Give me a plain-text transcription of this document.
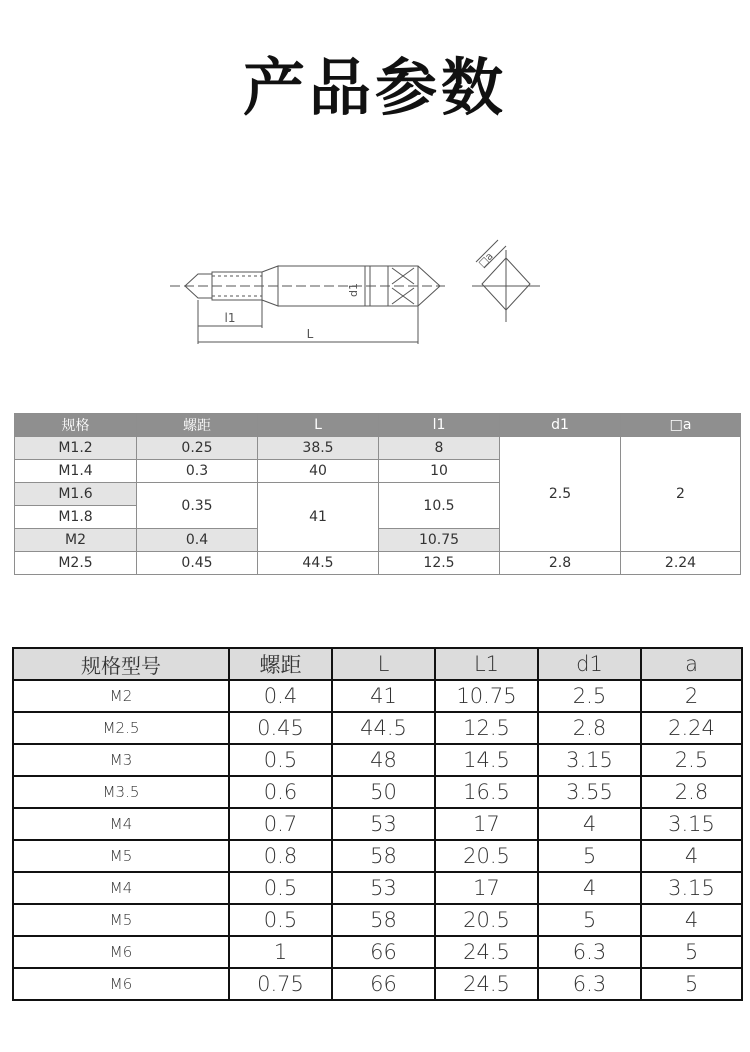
产品参数
l1
L
d1
□a
规格	螺距	L	l1	d1	□a
M1.2	0.25	38.5	8	2.5	2
M1.4	0.3	40	10		
M1.6	0.35	41	10.5		
M1.8					
M2	0.4		10.75		
M2.5	0.45	44.5	12.5	2.8	2.24
规格型号	螺距	L	L1	d1	a
M2	0.4	41	10.75	2.5	2
M2.5	0.45	44.5	12.5	2.8	2.24
M3	0.5	48	14.5	3.15	2.5
M3.5	0.6	50	16.5	3.55	2.8
M4	0.7	53	17	4	3.15
M5	0.8	58	20.5	5	4
M4	0.5	53	17	4	3.15
M5	0.5	58	20.5	5	4
M6	1	66	24.5	6.3	5
M6	0.75	66	24.5	6.3	5
